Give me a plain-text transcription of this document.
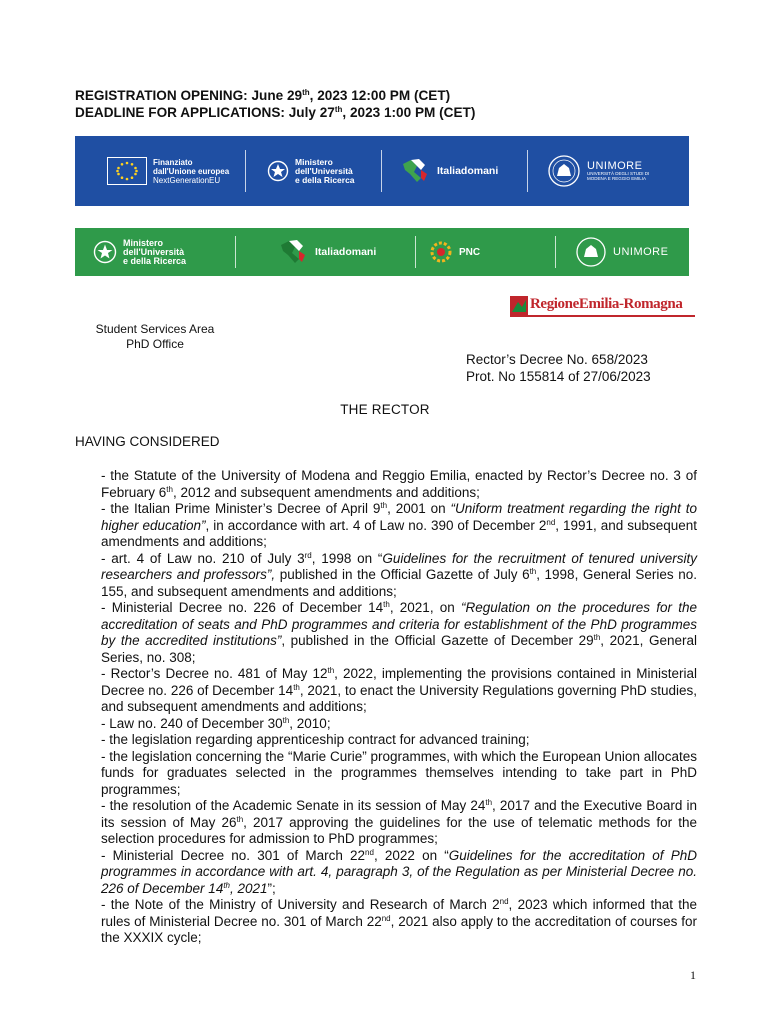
REGISTRATION OPENING: June 29th, 2023 12:00 PM (CET)
DEADLINE FOR APPLICATIONS: July 27th, 2023 1:00 PM (CET)
Finanziato
dall'Unione europea
NextGenerationEU
Ministero
dell'Università
e della Ricerca
Italiadomani	UNIMORE
UNIVERSITÀ DEGLI STUDI DI MODENA E REGGIO EMILIA
Ministero
dell'Università
e della Ricerca
Italiadomani	PNC	UNIMORE
RegioneEmilia-Romagna
Student Services Area
PhD Office
Rector’s Decree No. 658/2023
Prot. No 155814 of 27/06/2023
THE RECTOR
HAVING CONSIDERED

- the Statute of the University of Modena and Reggio Emilia, enacted by Rector’s Decree no. 3 of February 6th, 2012 and subsequent amendments and additions;

- the Italian Prime Minister’s Decree of April 9th, 2001 on “Uniform treatment regarding the right to higher education”, in accordance with art. 4 of Law no. 390 of December 2nd, 1991, and subsequent amendments and additions;

- art. 4 of Law no. 210 of July 3rd, 1998 on “Guidelines for the recruitment of tenured university researchers and professors”, published in the Official Gazette of July 6th, 1998, General Series no. 155, and subsequent amendments and additions;

- Ministerial Decree no. 226 of December 14th, 2021, on “Regulation on the procedures for the accreditation of seats and PhD programmes and criteria for establishment of the PhD programmes by the accredited institutions”, published in the Official Gazette of December 29th, 2021, General Series, no. 308;

- Rector’s Decree no. 481 of May 12th, 2022, implementing the provisions contained in Ministerial Decree no. 226 of December 14th, 2021, to enact the University Regulations governing PhD studies, and subsequent amendments and additions;

- Law no. 240 of December 30th, 2010;

- the legislation regarding apprenticeship contract for advanced training;

- the legislation concerning the “Marie Curie” programmes, with which the European Union allocates funds for graduates selected in the programmes themselves intending to take part in PhD programmes;

- the resolution of the Academic Senate in its session of May 24th, 2017 and the Executive Board in its session of May 26th, 2017 approving the guidelines for the use of telematic methods for the selection procedures for admission to PhD programmes;

- Ministerial Decree no. 301 of March 22nd, 2022 on “Guidelines for the accreditation of PhD programmes in accordance with art. 4, paragraph 3, of the Regulation as per Ministerial Decree no. 226 of December 14th, 2021”;

- the Note of the Ministry of University and Research of March 2nd, 2023 which informed that the rules of Ministerial Decree no. 301 of March 22nd, 2021 also apply to the accreditation of courses for the XXXIX cycle;

1
